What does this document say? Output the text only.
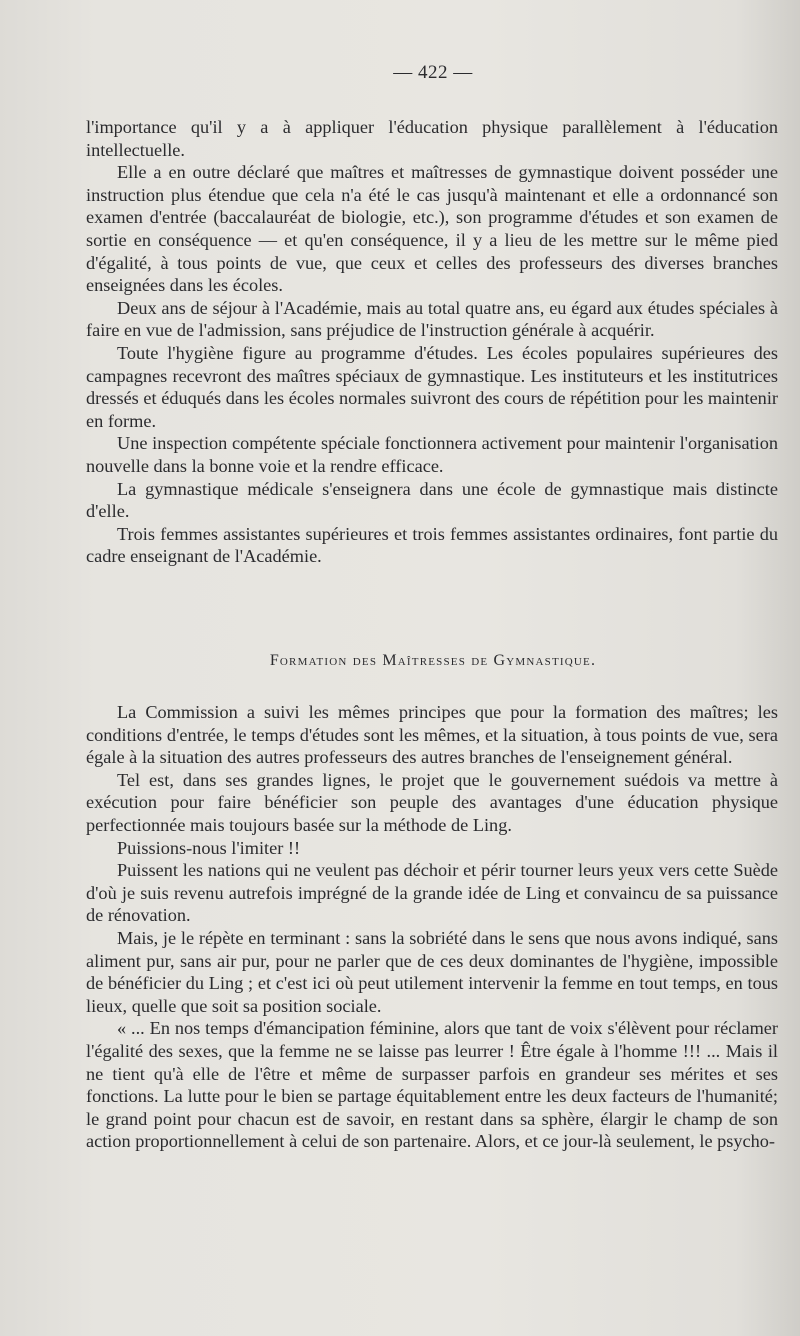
— 422 —

l'importance qu'il y a à appliquer l'éducation physique parallèlement à l'éducation intellectuelle.

Elle a en outre déclaré que maîtres et maîtresses de gymnastique doivent posséder une instruction plus étendue que cela n'a été le cas jusqu'à maintenant et elle a ordonnancé son examen d'entrée (baccalauréat de biologie, etc.), son programme d'études et son examen de sortie en conséquence — et qu'en conséquence, il y a lieu de les mettre sur le même pied d'égalité, à tous points de vue, que ceux et celles des professeurs des diverses branches enseignées dans les écoles.

Deux ans de séjour à l'Académie, mais au total quatre ans, eu égard aux études spéciales à faire en vue de l'admission, sans préjudice de l'instruction générale à acquérir.

Toute l'hygiène figure au programme d'études. Les écoles populaires supérieures des campagnes recevront des maîtres spéciaux de gymnastique. Les instituteurs et les institutrices dressés et éduqués dans les écoles normales suivront des cours de répétition pour les maintenir en forme.

Une inspection compétente spéciale fonctionnera activement pour maintenir l'organisation nouvelle dans la bonne voie et la rendre efficace.

La gymnastique médicale s'enseignera dans une école de gymnastique mais distincte d'elle.

Trois femmes assistantes supérieures et trois femmes assistantes ordinaires, font partie du cadre enseignant de l'Académie.

Formation des Maîtresses de Gymnastique.

La Commission a suivi les mêmes principes que pour la formation des maîtres; les conditions d'entrée, le temps d'études sont les mêmes, et la situation, à tous points de vue, sera égale à la situation des autres professeurs des autres branches de l'enseignement général.

Tel est, dans ses grandes lignes, le projet que le gouvernement suédois va mettre à exécution pour faire bénéficier son peuple des avantages d'une éducation physique perfectionnée mais toujours basée sur la méthode de Ling.

Puissions-nous l'imiter !!

Puissent les nations qui ne veulent pas déchoir et périr tourner leurs yeux vers cette Suède d'où je suis revenu autrefois imprégné de la grande idée de Ling et convaincu de sa puissance de rénovation.

Mais, je le répète en terminant : sans la sobriété dans le sens que nous avons indiqué, sans aliment pur, sans air pur, pour ne parler que de ces deux dominantes de l'hygiène, impossible de bénéficier du Ling ; et c'est ici où peut utilement intervenir la femme en tout temps, en tous lieux, quelle que soit sa position sociale.

« ... En nos temps d'émancipation féminine, alors que tant de voix s'élèvent pour réclamer l'égalité des sexes, que la femme ne se laisse pas leurrer ! Être égale à l'homme !!! ... Mais il ne tient qu'à elle de l'être et même de surpasser parfois en grandeur ses mérites et ses fonctions. La lutte pour le bien se partage équitablement entre les deux facteurs de l'humanité; le grand point pour chacun est de savoir, en restant dans sa sphère, élargir le champ de son action proportionnellement à celui de son partenaire. Alors, et ce jour-là seulement, le psycho-
